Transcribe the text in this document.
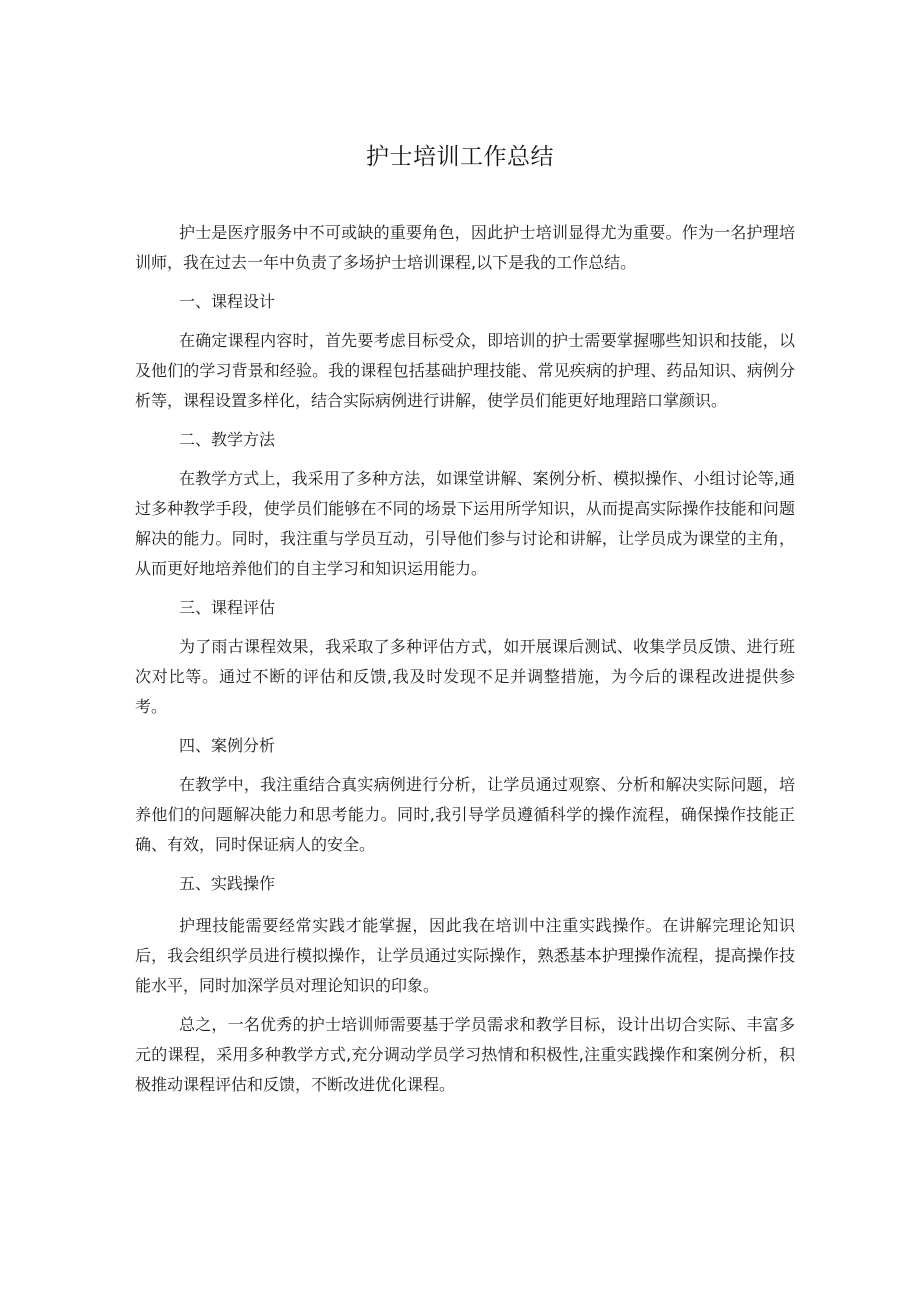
护士培训工作总结

护士是医疗服务中不可或缺的重要角色，因此护士培训显得尤为重要。作为一名护理培训师，我在过去一年中负责了多场护士培训课程,以下是我的工作总结。

一、课程设计

在确定课程内容时，首先要考虑目标受众，即培训的护士需要掌握哪些知识和技能，以及他们的学习背景和经验。我的课程包括基础护理技能、常见疾病的护理、药品知识、病例分析等，课程设置多样化，结合实际病例进行讲解，使学员们能更好地理踣口掌颜识。

二、教学方法

在教学方式上，我采用了多种方法，如课堂讲解、案例分析、模拟操作、小组讨论等,通过多种教学手段，使学员们能够在不同的场景下运用所学知识，从而提高实际操作技能和问题解决的能力。同时，我注重与学员互动，引导他们参与讨论和讲解，让学员成为课堂的主角，从而更好地培养他们的自主学习和知识运用能力。

三、课程评估

为了雨古课程效果，我采取了多种评估方式，如开展课后测试、收集学员反馈、进行班次对比等。通过不断的评估和反馈,我及时发现不足并调整措施，为今后的课程改进提供参考。

四、案例分析

在教学中，我注重结合真实病例进行分析，让学员通过观察、分析和解决实际问题，培养他们的问题解决能力和思考能力。同时,我引导学员遵循科学的操作流程，确保操作技能正确、有效，同时保证病人的安全。

五、实践操作

护理技能需要经常实践才能掌握，因此我在培训中注重实践操作。在讲解完理论知识后，我会组织学员进行模拟操作，让学员通过实际操作，熟悉基本护理操作流程，提高操作技能水平，同时加深学员对理论知识的印象。

总之，一名优秀的护士培训师需要基于学员需求和教学目标，设计出切合实际、丰富多元的课程，采用多种教学方式,充分调动学员学习热情和积极性,注重实践操作和案例分析，积极推动课程评估和反馈，不断改进优化课程。
